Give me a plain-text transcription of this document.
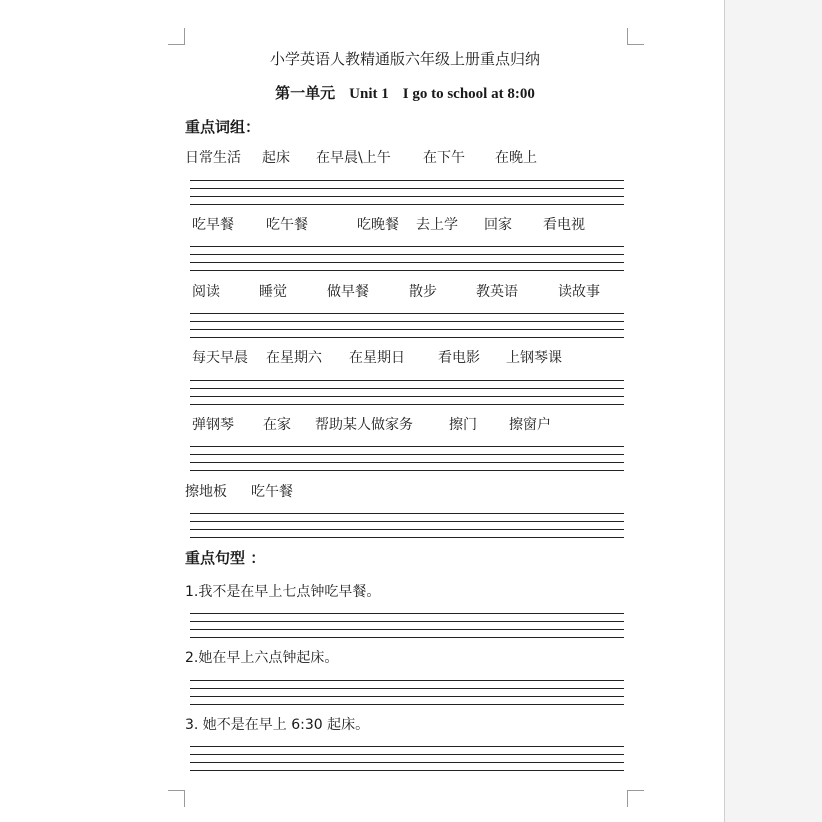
小学英语人教精通版六年级上册重点归纳
第一单元 Unit 1 I go to school at 8:00
重点词组：
日常生活 起床 在早晨\上午 在下午 在晚上
吃早餐 吃午餐	吃晚餐 去上学 回家 看电视
阅读	睡觉	做早餐	散步	教英语	读故事
每天早晨 在星期六 在星期日 看电影 上钢琴课
弹钢琴 在家 帮助某人做家务	擦门 擦窗户
擦地板 吃午餐
重点句型 ：
1.我不是在早上七点钟吃早餐。
2.她在早上六点钟起床。
3. 她不是在早上 6:30 起床。
